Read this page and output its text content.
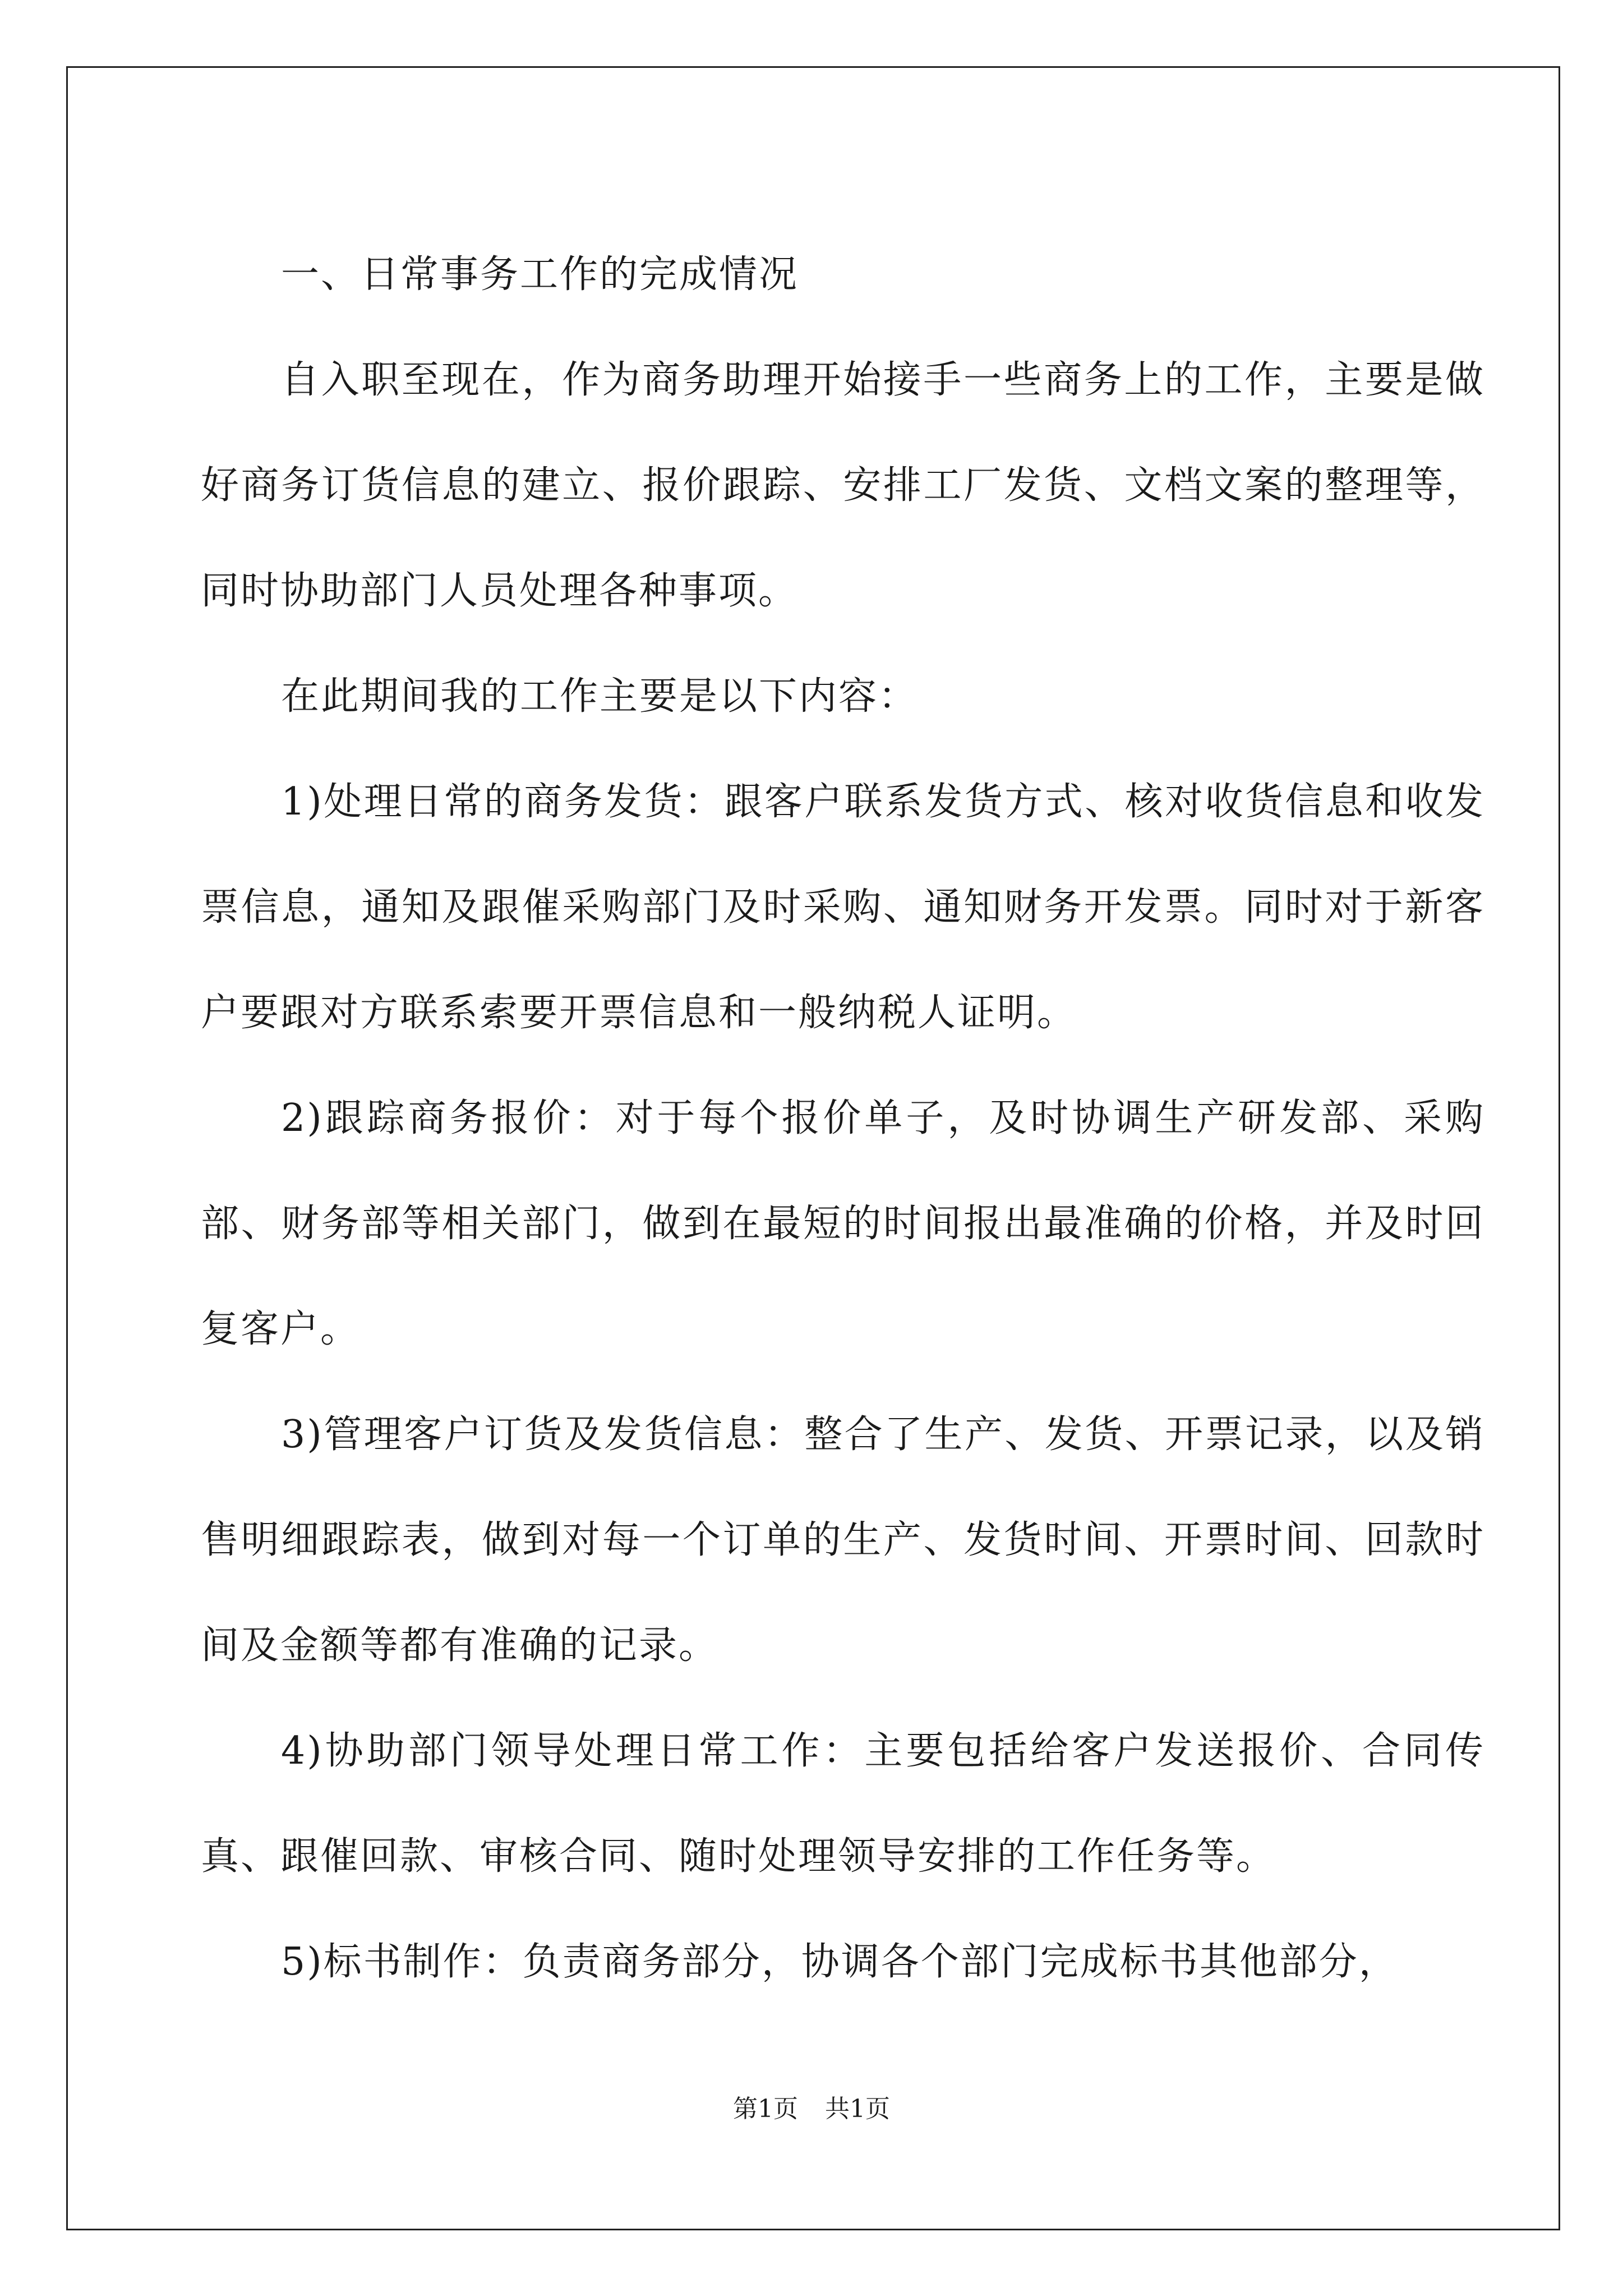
一、日常事务工作的完成情况

自入职至现在，作为商务助理开始接手一些商务上的工作，主要是做好商务订货信息的建立、报价跟踪、安排工厂发货、文档文案的整理等，同时协助部门人员处理各种事项。

在此期间我的工作主要是以下内容：

1)处理日常的商务发货：跟客户联系发货方式、核对收货信息和收发票信息，通知及跟催采购部门及时采购、通知财务开发票。同时对于新客户要跟对方联系索要开票信息和一般纳税人证明。

2)跟踪商务报价：对于每个报价单子，及时协调生产研发部、采购部、财务部等相关部门，做到在最短的时间报出最准确的价格，并及时回复客户。

3)管理客户订货及发货信息：整合了生产、发货、开票记录，以及销售明细跟踪表，做到对每一个订单的生产、发货时间、开票时间、回款时间及金额等都有准确的记录。

4)协助部门领导处理日常工作：主要包括给客户发送报价、合同传真、跟催回款、审核合同、随时处理领导安排的工作任务等。

5)标书制作：负责商务部分，协调各个部门完成标书其他部分，

第1页 共1页
